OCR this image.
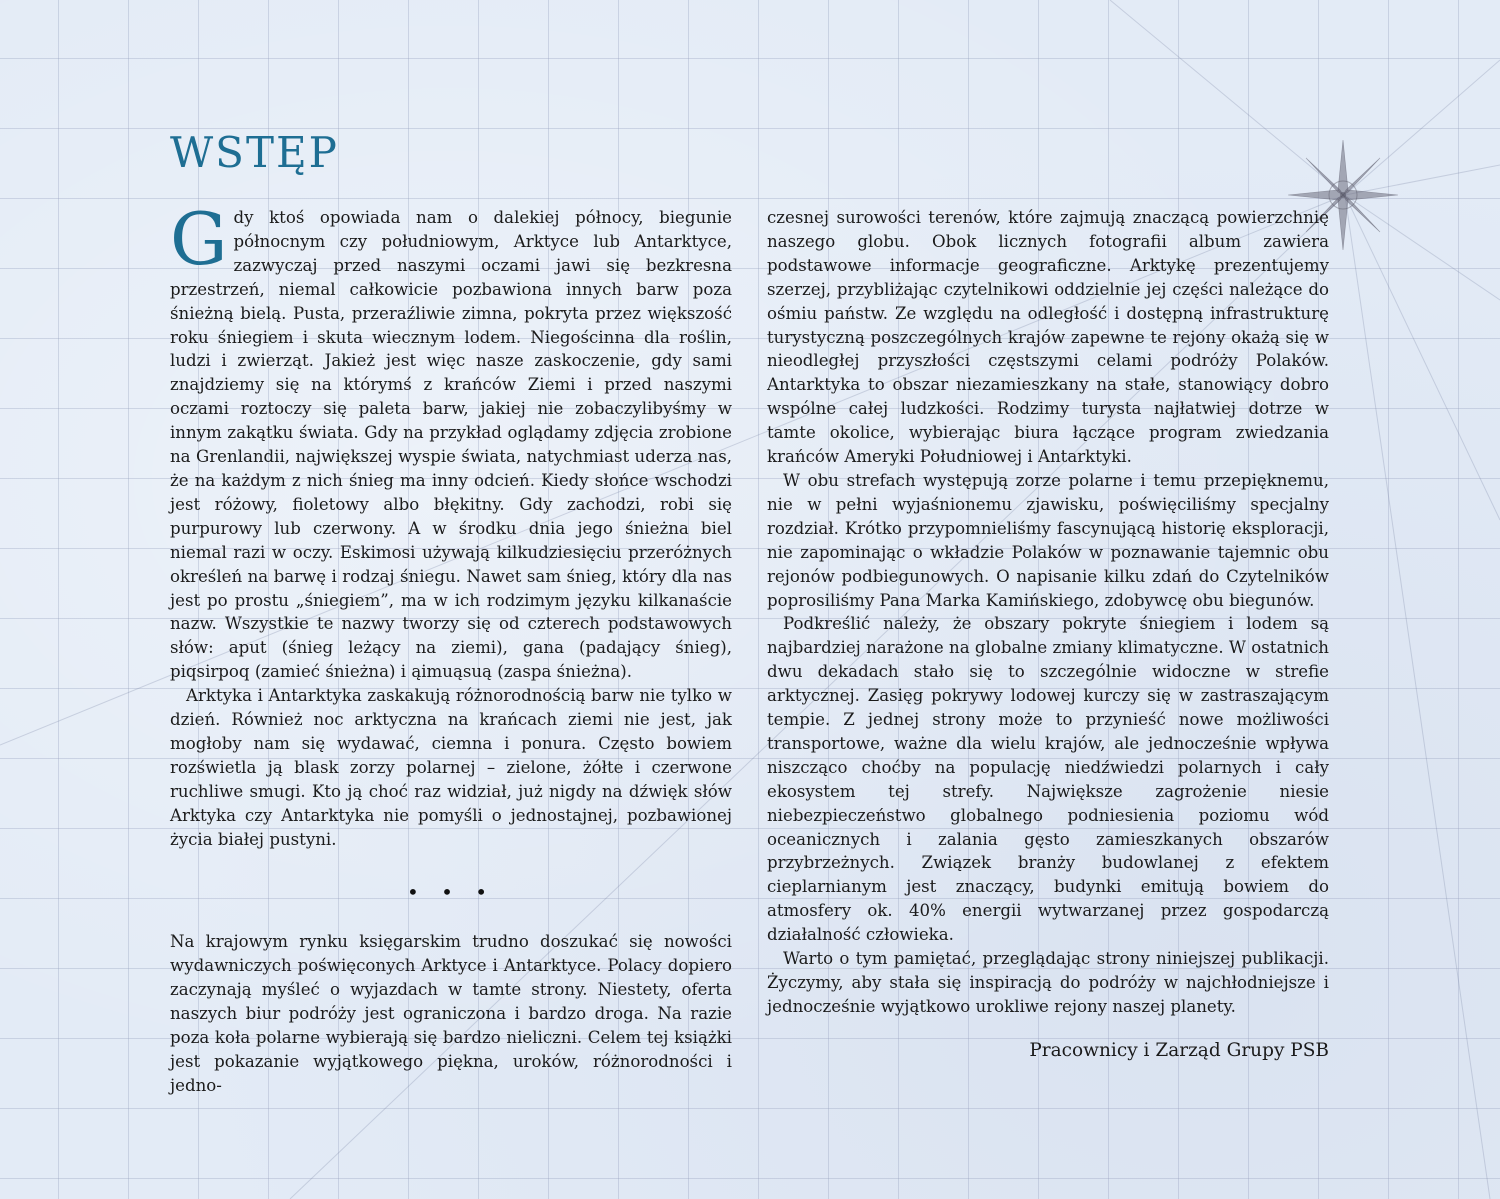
WSTĘP

Gdy ktoś opowiada nam o dalekiej północy, biegunie północnym czy południowym, Arktyce lub Antarktyce, zazwyczaj przed naszymi oczami jawi się bezkresna przestrzeń, niemal całkowicie pozbawiona innych barw poza śnieżną bielą. Pusta, przeraźliwie zimna, pokryta przez większość roku śniegiem i skuta wiecznym lodem. Niegościnna dla roślin, ludzi i zwierząt. Jakież jest więc nasze zaskoczenie, gdy sami znajdziemy się na którymś z krańców Ziemi i przed naszymi oczami roztoczy się paleta barw, jakiej nie zobaczylibyśmy w innym zakątku świata. Gdy na przykład oglądamy zdjęcia zrobione na Grenlandii, największej wyspie świata, natychmiast uderza nas, że na każdym z nich śnieg ma inny odcień. Kiedy słońce wschodzi jest różowy, fioletowy albo błękitny. Gdy zachodzi, robi się purpurowy lub czerwony. A w środku dnia jego śnieżna biel niemal razi w oczy. Eskimosi używają kilkudziesięciu przeróżnych określeń na barwę i rodzaj śniegu. Nawet sam śnieg, który dla nas jest po prostu „śniegiem”, ma w ich rodzimym języku kilkanaście nazw. Wszystkie te nazwy tworzy się od czterech podstawowych słów: aput (śnieg leżący na ziemi), gana (padający śnieg), piqsirpoq (zamieć śnieżna) i ąimuąsuą (zaspa śnieżna).

Arktyka i Antarktyka zaskakują różnorodnością barw nie tylko w dzień. Również noc arktyczna na krańcach ziemi nie jest, jak mogłoby nam się wydawać, ciemna i ponura. Często bowiem rozświetla ją blask zorzy polarnej – zielone, żółte i czerwone ruchliwe smugi. Kto ją choć raz widział, już nigdy na dźwięk słów Arktyka czy Antarktyka nie pomyśli o jednostajnej, pozbawionej życia białej pustyni.

• • •

Na krajowym rynku księgarskim trudno doszukać się nowości wydawniczych poświęconych Arktyce i Antarktyce. Polacy dopiero zaczynają myśleć o wyjazdach w tamte strony. Niestety, oferta naszych biur podróży jest ograniczona i bardzo droga. Na razie poza koła polarne wybierają się bardzo nieliczni. Celem tej książki jest pokazanie wyjątkowego piękna, uroków, różnorodności i jedno-

czesnej surowości terenów, które zajmują znaczącą powierzchnię naszego globu. Obok licznych fotografii album zawiera podstawowe informacje geograficzne. Arktykę prezentujemy szerzej, przybliżając czytelnikowi oddzielnie jej części należące do ośmiu państw. Ze względu na odległość i dostępną infrastrukturę turystyczną poszczególnych krajów zapewne te rejony okażą się w nieodległej przyszłości częstszymi celami podróży Polaków. Antarktyka to obszar niezamieszkany na stałe, stanowiący dobro wspólne całej ludzkości. Rodzimy turysta najłatwiej dotrze w tamte okolice, wybierając biura łączące program zwiedzania krańców Ameryki Południowej i Antarktyki.

W obu strefach występują zorze polarne i temu przepięknemu, nie w pełni wyjaśnionemu zjawisku, poświęciliśmy specjalny rozdział. Krótko przypomnieliśmy fascynującą historię eksploracji, nie zapominając o wkładzie Polaków w poznawanie tajemnic obu rejonów podbiegunowych. O napisanie kilku zdań do Czytelników poprosiliśmy Pana Marka Kamińskiego, zdobywcę obu biegunów.

Podkreślić należy, że obszary pokryte śniegiem i lodem są najbardziej narażone na globalne zmiany klimatyczne. W ostatnich dwu dekadach stało się to szczególnie widoczne w strefie arktycznej. Zasięg pokrywy lodowej kurczy się w zastraszającym tempie. Z jednej strony może to przynieść nowe możliwości transportowe, ważne dla wielu krajów, ale jednocześnie wpływa niszcząco choćby na populację niedźwiedzi polarnych i cały ekosystem tej strefy. Największe zagrożenie niesie niebezpieczeństwo globalnego podniesienia poziomu wód oceanicznych i zalania gęsto zamieszkanych obszarów przybrzeżnych. Związek branży budowlanej z efektem cieplarnianym jest znaczący, budynki emitują bowiem do atmosfery ok. 40% energii wytwarzanej przez gospodarczą działalność człowieka.

Warto o tym pamiętać, przeglądając strony niniejszej publikacji. Życzymy, aby stała się inspiracją do podróży w najchłodniejsze i jednocześnie wyjątkowo urokliwe rejony naszej planety.

Pracownicy i Zarząd Grupy PSB
